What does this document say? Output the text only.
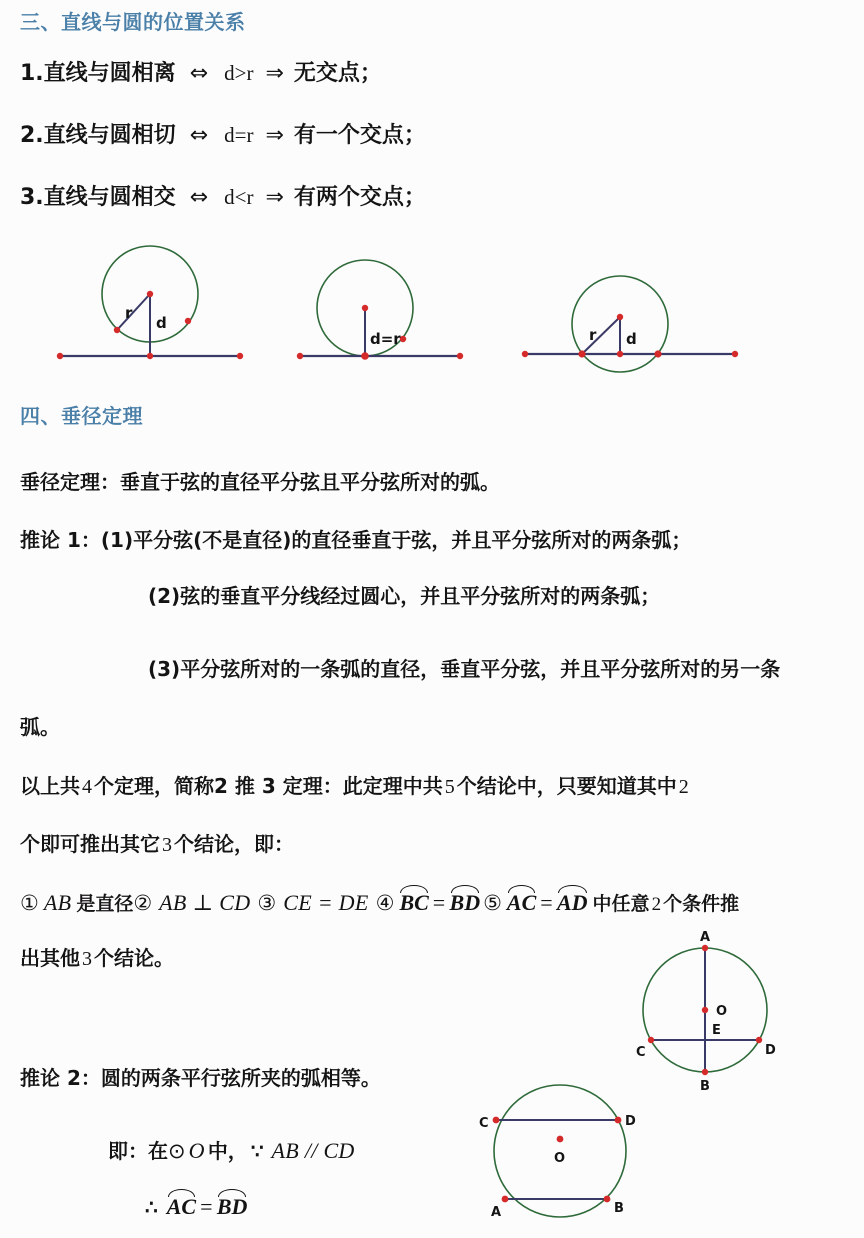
三、直线与圆的位置关系
1.直线与圆相离 ⇔ d>r ⇒ 无交点；
2.直线与圆相切 ⇔ d=r ⇒ 有一个交点；
3.直线与圆相交 ⇔ d<r ⇒ 有两个交点；
r
d
d=r	r d
四、垂径定理
垂径定理：垂直于弦的直径平分弦且平分弦所对的弧。
推论 1：(1)平分弦(不是直径)的直径垂直于弦，并且平分弦所对的两条弧；
(2)弦的垂直平分线经过圆心，并且平分弦所对的两条弧；
(3)平分弦所对的一条弧的直径，垂直平分弦，并且平分弦所对的另一条
弧。
以上共 4 个定理，简称2 推 3 定理：此定理中共 5 个结论中，只要知道其中 2
个即可推出其它 3 个结论，即：
① AB 是直径② AB ⊥ CD ③ CE = DE ④ BC = BD ⑤ AC = AD 中任意 2 个条件推
出其他 3 个结论。
A
O
E
C	D
B
推论 2：圆的两条平行弦所夹的弧相等。
即：在⊙ O 中， ∵ AB // CD
∴ AC = BD
C	D
O
A	B
